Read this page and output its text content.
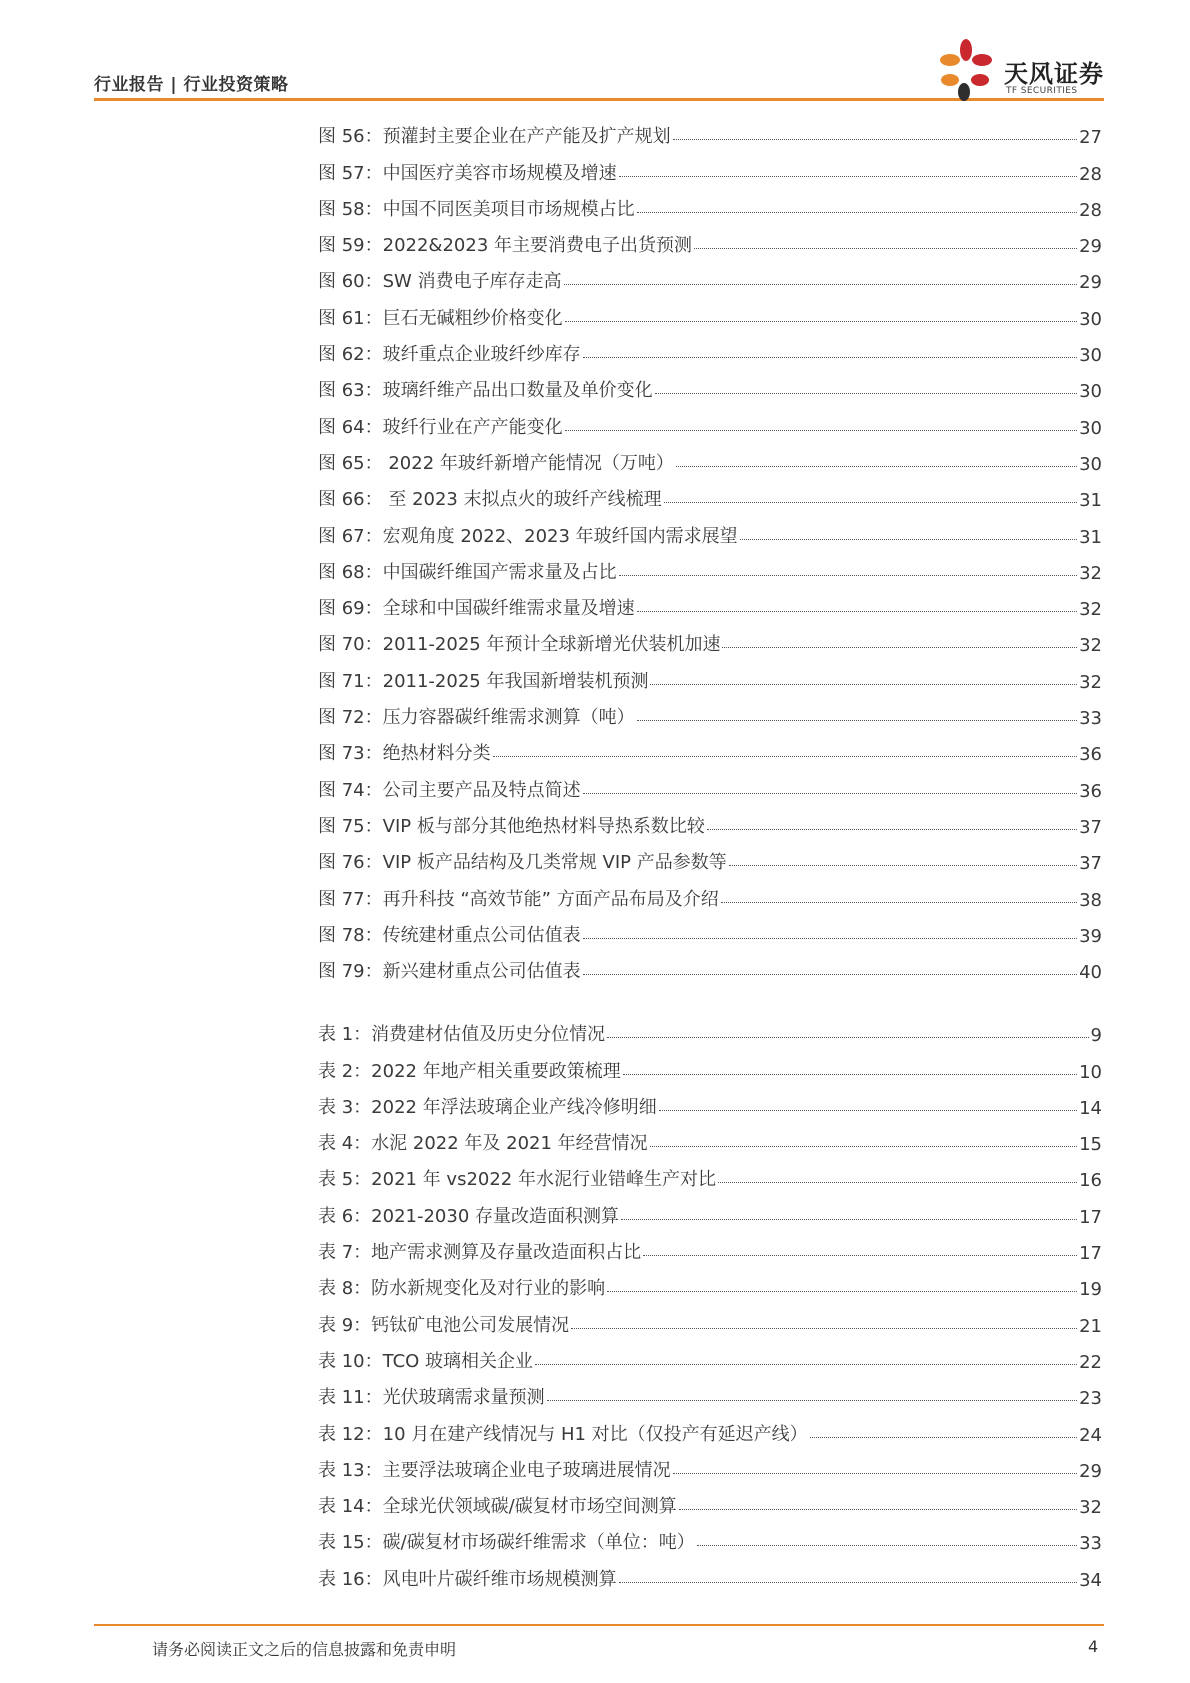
行业报告 | 行业投资策略	天风证券
TF SECURITIES
图 56：预灌封主要企业在产产能及扩产规划	27
图 57：中国医疗美容市场规模及增速	28
图 58：中国不同医美项目市场规模占比	28
图 59：2022&2023 年主要消费电子出货预测	29
图 60：SW 消费电子库存走高	29
图 61：巨石无碱粗纱价格变化	30
图 62：玻纤重点企业玻纤纱库存	30
图 63：玻璃纤维产品出口数量及单价变化	30
图 64：玻纤行业在产产能变化	30
图 65： 2022 年玻纤新增产能情况（万吨）	30
图 66： 至 2023 末拟点火的玻纤产线梳理	31
图 67：宏观角度 2022、2023 年玻纤国内需求展望	31
图 68：中国碳纤维国产需求量及占比	32
图 69：全球和中国碳纤维需求量及增速	32
图 70：2011-2025 年预计全球新增光伏装机加速	32
图 71：2011-2025 年我国新增装机预测	32
图 72：压力容器碳纤维需求测算（吨）	33
图 73：绝热材料分类	36
图 74：公司主要产品及特点简述	36
图 75：VIP 板与部分其他绝热材料导热系数比较	37
图 76：VIP 板产品结构及几类常规 VIP 产品参数等	37
图 77：再升科技 “高效节能” 方面产品布局及介绍	38
图 78：传统建材重点公司估值表	39
图 79：新兴建材重点公司估值表	40
表 1：消费建材估值及历史分位情况	9
表 2：2022 年地产相关重要政策梳理	10
表 3：2022 年浮法玻璃企业产线冷修明细	14
表 4：水泥 2022 年及 2021 年经营情况	15
表 5：2021 年 vs2022 年水泥行业错峰生产对比	16
表 6：2021-2030 存量改造面积测算	17
表 7：地产需求测算及存量改造面积占比	17
表 8：防水新规变化及对行业的影响	19
表 9：钙钛矿电池公司发展情况	21
表 10：TCO 玻璃相关企业	22
表 11：光伏玻璃需求量预测	23
表 12：10 月在建产线情况与 H1 对比（仅投产有延迟产线）	24
表 13：主要浮法玻璃企业电子玻璃进展情况	29
表 14：全球光伏领域碳/碳复材市场空间测算	32
表 15：碳/碳复材市场碳纤维需求（单位：吨）	33
表 16：风电叶片碳纤维市场规模测算	34
请务必阅读正文之后的信息披露和免责申明	4
